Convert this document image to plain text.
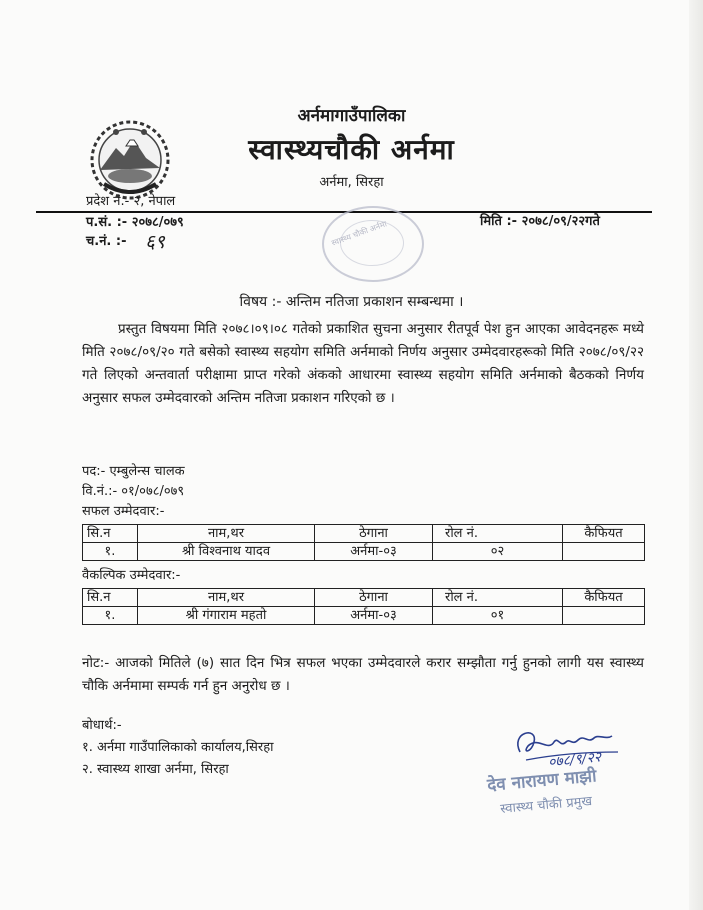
अर्नमागाउँपालिका
स्वास्थ्यचौकी अर्नमा
अर्नमा, सिरहा
प्रदेश नं.- २, नेपाल
प.सं. :- २०७८/०७९
च.नं. :- ६९
मिति :- २०७८/०९/२२गते
स्वास्थ्य चौकी अर्नमा
विषय :- अन्तिम नतिजा प्रकाशन सम्बन्धमा ।
प्रस्तुत विषयमा मिति २०७८।०९।०८ गतेको प्रकाशित सुचना अनुसार रीतपूर्व पेश हुन आएका आवेदनहरू मध्ये मिति २०७८/०९/२० गते बसेको स्वास्थ्य सहयोग समिति अर्नमाको निर्णय अनुसार उम्मेदवारहरूको मिति २०७८/०९/२२ गते लिएको अन्तवार्ता परीक्षामा प्राप्त गरेको अंकको आधारमा स्वास्थ्य सहयोग समिति अर्नमाको बैठकको निर्णय अनुसार सफल उम्मेदवारको अन्तिम नतिजा प्रकाशन गरिएको छ ।
पद:- एम्बुलेन्स चालक
वि.नं.:- ०१/०७८/०७९
सफल उम्मेदवार:-
सि.न	नाम,थर	ठेगाना	रोल नं.	कैफियत
१.	श्री विश्वनाथ यादव	अर्नमा-०३	०२	
वैकल्पिक उम्मेदवार:-
सि.न	नाम,थर	ठेगाना	रोल नं.	कैफियत
१.	श्री गंगाराम महतो	अर्नमा-०३	०१	
नोट:- आजको मितिले (७) सात दिन भित्र सफल भएका उम्मेदवारले करार सम्झौता गर्नु हुनको लागी यस स्वास्थ्य चौकि अर्नमामा सम्पर्क गर्न हुन अनुरोध छ ।
बोधार्थ:-
१. अर्नमा गाउँपालिकाको कार्यालय,सिरहा
२. स्वास्थ्य शाखा अर्नमा, सिरहा	०७८/९/२२
देव नारायण माझी
स्वास्थ्य चौकी प्रमुख
